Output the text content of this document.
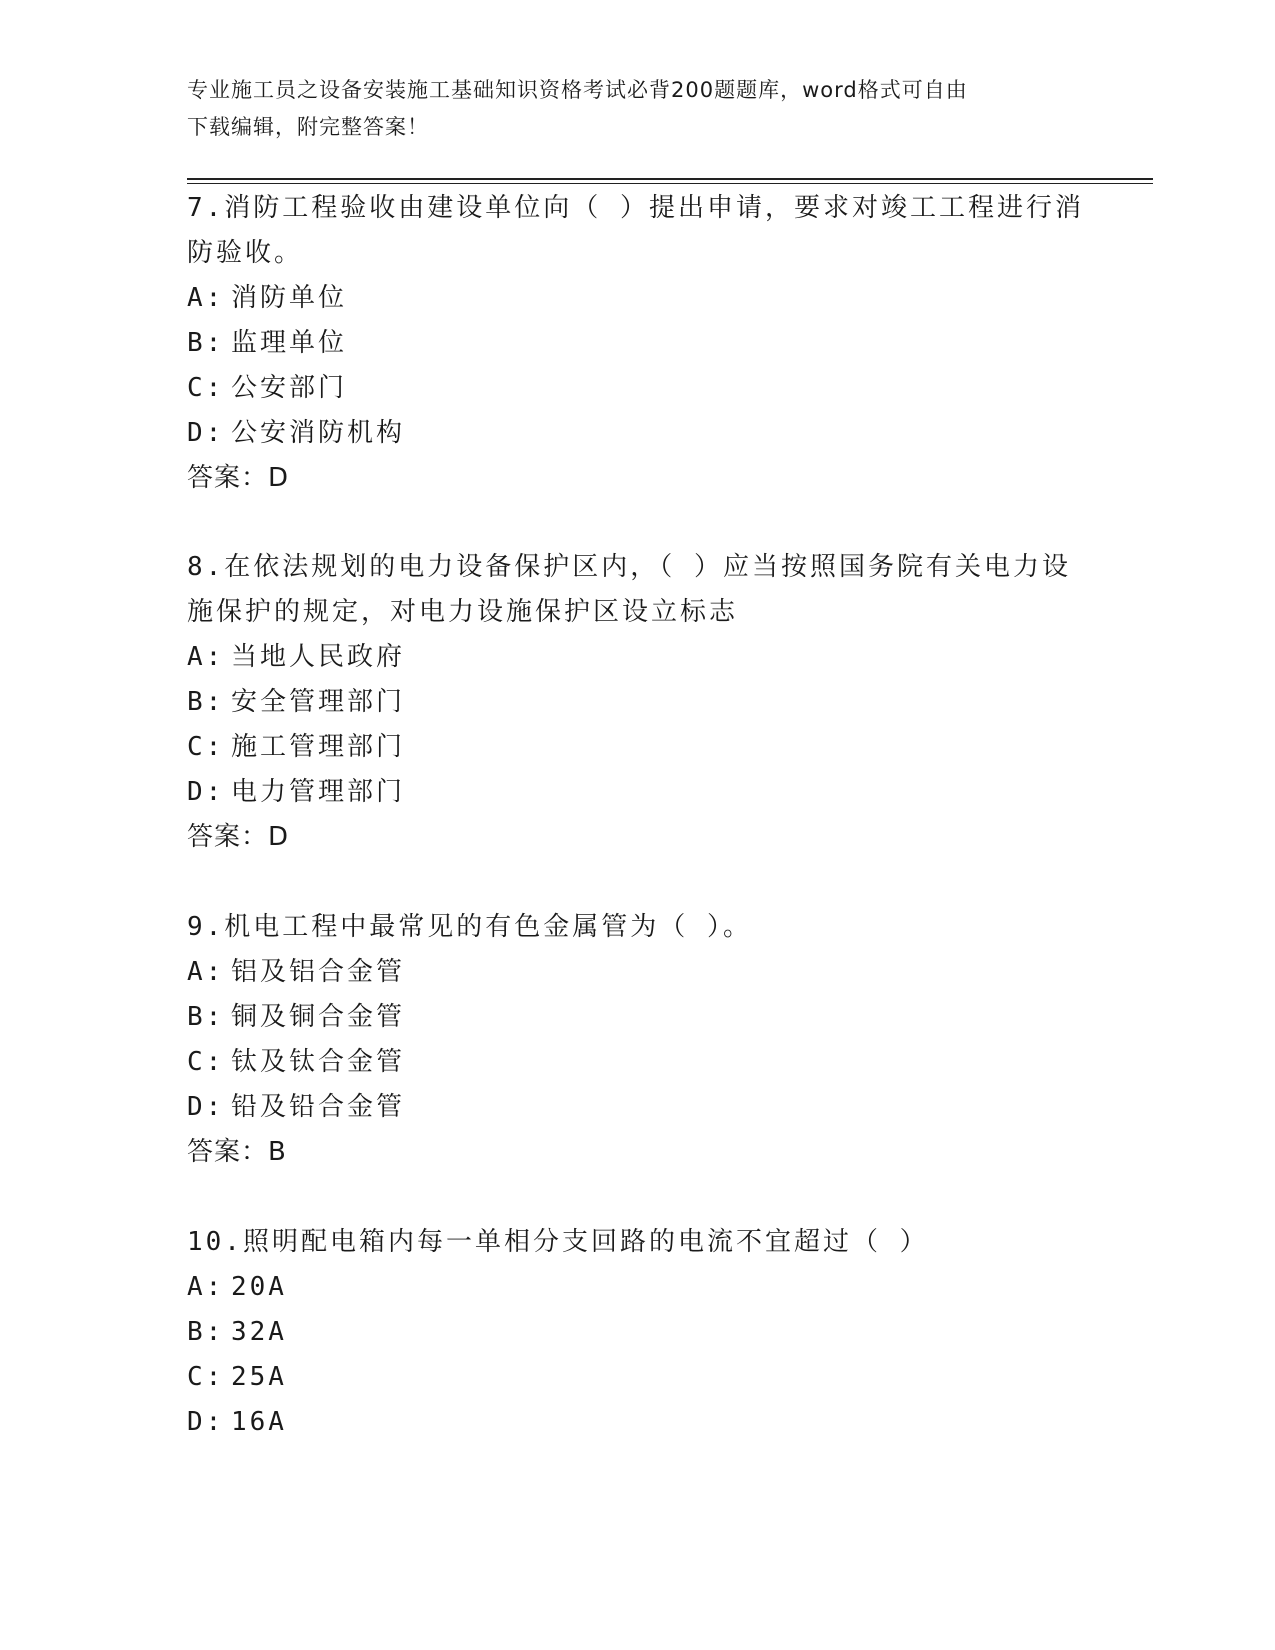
专业施工员之设备安装施工基础知识资格考试必背200题题库，word格式可自由
下载编辑，附完整答案！
7.消防工程验收由建设单位向（ ）提出申请，要求对竣工工程进行消防验收。
A: 消防单位
B: 监理单位
C: 公安部门
D: 公安消防机构
答案：D
8.在依法规划的电力设备保护区内，（ ）应当按照国务院有关电力设施保护的规定，对电力设施保护区设立标志
A: 当地人民政府
B: 安全管理部门
C: 施工管理部门
D: 电力管理部门
答案：D
9.机电工程中最常见的有色金属管为（ ）。
A: 铝及铝合金管
B: 铜及铜合金管
C: 钛及钛合金管
D: 铅及铅合金管
答案：B
10.照明配电箱内每一单相分支回路的电流不宜超过（ ）
A: 20A
B: 32A
C: 25A
D: 16A
